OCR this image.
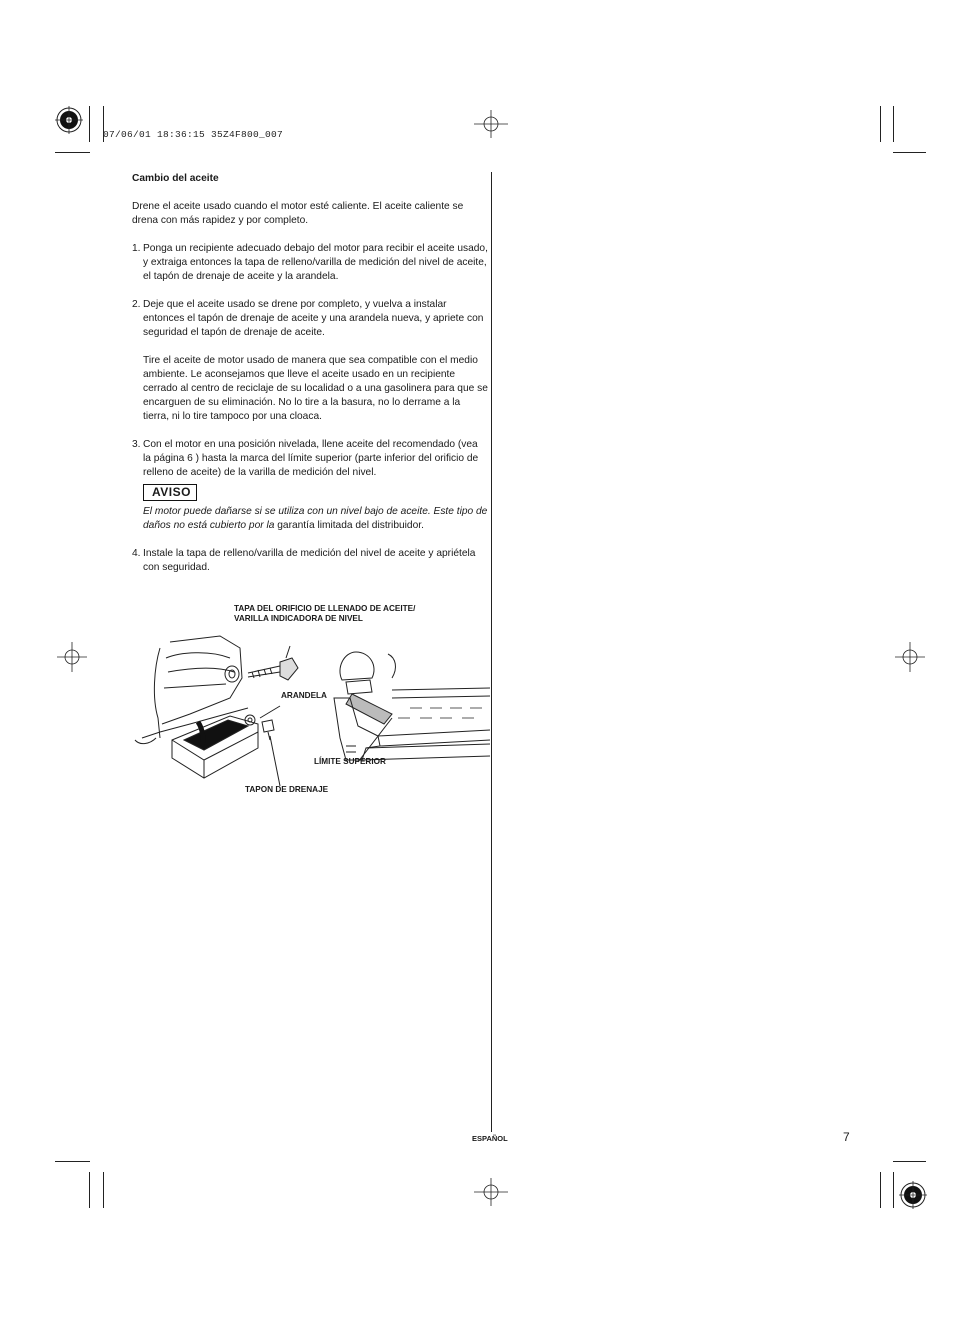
07/06/01 18:36:15 35Z4F800_007

Cambio del aceite

Drene el aceite usado cuando el motor esté caliente. El aceite caliente se drena con más rapidez y por completo.

1. Ponga un recipiente adecuado debajo del motor para recibir el aceite usado, y extraiga entonces la tapa de relleno/varilla de medición del nivel de aceite, el tapón de drenaje de aceite y la arandela.

2. Deje que el aceite usado se drene por completo, y vuelva a instalar entonces el tapón de drenaje de aceite y una arandela nueva, y apriete con seguridad el tapón de drenaje de aceite.

Tire el aceite de motor usado de manera que sea compatible con el medio ambiente. Le aconsejamos que lleve el aceite usado en un recipiente cerrado al centro de reciclaje de su localidad o a una gasolinera para que se encarguen de su eliminación. No lo tire a la basura, no lo derrame a la tierra, ni lo tire tampoco por una cloaca.

3. Con el motor en una posición nivelada, llene aceite del recomendado (vea la página 6 ) hasta la marca del límite superior (parte inferior del orificio de relleno de aceite) de la varilla de medición del nivel.

AVISO

El motor puede dañarse si se utiliza con un nivel bajo de aceite. Este tipo de daños no está cubierto por la garantía limitada del distribuidor.

4. Instale la tapa de relleno/varilla de medición del nivel de aceite y apriétela con seguridad.

TAPA DEL ORIFICIO DE LLENADO DE ACEITE/
VARILLA INDICADORA DE NIVEL
ARANDELA
LÍMITE SUPERIOR
TAPON DE DRENAJE
ESPAÑOL	7
